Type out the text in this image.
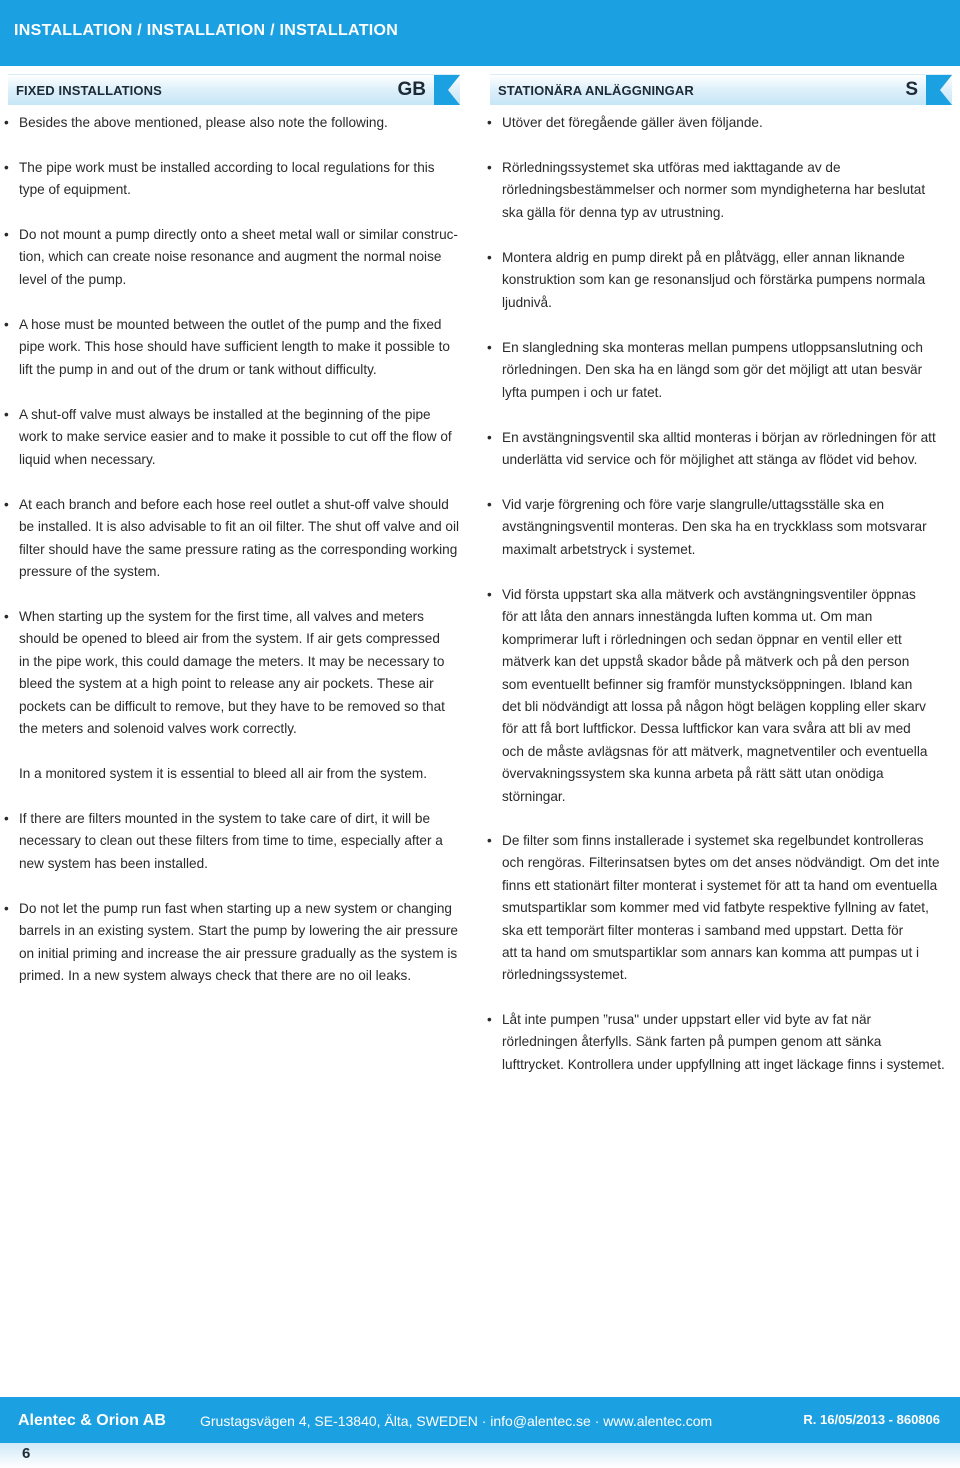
INSTALLATION / INSTALLATION / INSTALLATION
FIXED INSTALLATIONS	GB	STATIONÄRA ANLÄGGNINGAR	S
• Besides the above mentioned, please also note the following.
• The pipe work must be installed according to local regulations for this
type of equipment.
• Do not mount a pump directly onto a sheet metal wall or similar construc-
tion, which can create noise resonance and augment the normal noise
level of the pump.
• A hose must be mounted between the outlet of the pump and the fixed
pipe work. This hose should have sufficient length to make it possible to
lift the pump in and out of the drum or tank without difficulty.
• A shut-off valve must always be installed at the beginning of the pipe
work to make service easier and to make it possible to cut off the flow of
liquid when necessary.
• At each branch and before each hose reel outlet a shut-off valve should
be installed. It is also advisable to fit an oil filter. The shut off valve and oil
filter should have the same pressure rating as the corresponding working
pressure of the system.
• When starting up the system for the first time, all valves and meters
should be opened to bleed air from the system. If air gets compressed
in the pipe work, this could damage the meters. It may be necessary to
bleed the system at a high point to release any air pockets. These air
pockets can be difficult to remove, but they have to be removed so that
the meters and solenoid valves work correctly.

In a monitored system it is essential to bleed all air from the system.
• If there are filters mounted in the system to take care of dirt, it will be
necessary to clean out these filters from time to time, especially after a
new system has been installed.
• Do not let the pump run fast when starting up a new system or changing
barrels in an existing system. Start the pump by lowering the air pressure
on initial priming and increase the air pressure gradually as the system is
primed. In a new system always check that there are no oil leaks.
• Utöver det föregående gäller även följande.
• Rörledningssystemet ska utföras med iakttagande av de
rörledningsbestämmelser och normer som myndigheterna har beslutat
ska gälla för denna typ av utrustning.
• Montera aldrig en pump direkt på en plåtvägg, eller annan liknande
konstruktion som kan ge resonansljud och förstärka pumpens normala
ljudnivå.
• En slangledning ska monteras mellan pumpens utloppsanslutning och
rörledningen. Den ska ha en längd som gör det möjligt att utan besvär
lyfta pumpen i och ur fatet.
• En avstängningsventil ska alltid monteras i början av rörledningen för att
underlätta vid service och för möjlighet att stänga av flödet vid behov.
• Vid varje förgrening och före varje slangrulle/uttagsställe ska en
avstängningsventil monteras. Den ska ha en tryckklass som motsvarar
maximalt arbetstryck i systemet.
• Vid första uppstart ska alla mätverk och avstängningsventiler öppnas
för att låta den annars innestängda luften komma ut. Om man
komprimerar luft i rörledningen och sedan öppnar en ventil eller ett
mätverk kan det uppstå skador både på mätverk och på den person
som eventuellt befinner sig framför munstycksöppningen. Ibland kan
det bli nödvändigt att lossa på någon högt belägen koppling eller skarv
för att få bort luftfickor. Dessa luftfickor kan vara svåra att bli av med
och de måste avlägsnas för att mätverk, magnetventiler och eventuella
övervakningssystem ska kunna arbeta på rätt sätt utan onödiga
störningar.
• De filter som finns installerade i systemet ska regelbundet kontrolleras
och rengöras. Filterinsatsen bytes om det anses nödvändigt. Om det inte
finns ett stationärt filter monterat i systemet för att ta hand om eventuella
smutspartiklar som kommer med vid fatbyte respektive fyllning av fatet,
ska ett temporärt filter monteras i samband med uppstart. Detta för
att ta hand om smutspartiklar som annars kan komma att pumpas ut i
rörledningssystemet.
• Låt inte pumpen ”rusa" under uppstart eller vid byte av fat när
rörledningen återfylls. Sänk farten på pumpen genom att sänka
lufttrycket. Kontrollera under uppfyllning att inget läckage finns i systemet.
Alentec & Orion AB Grustagsvägen 4, SE-13840, Älta, SWEDEN · info@alentec.se · www.alentec.com	R. 16/05/2013 - 860806
6
